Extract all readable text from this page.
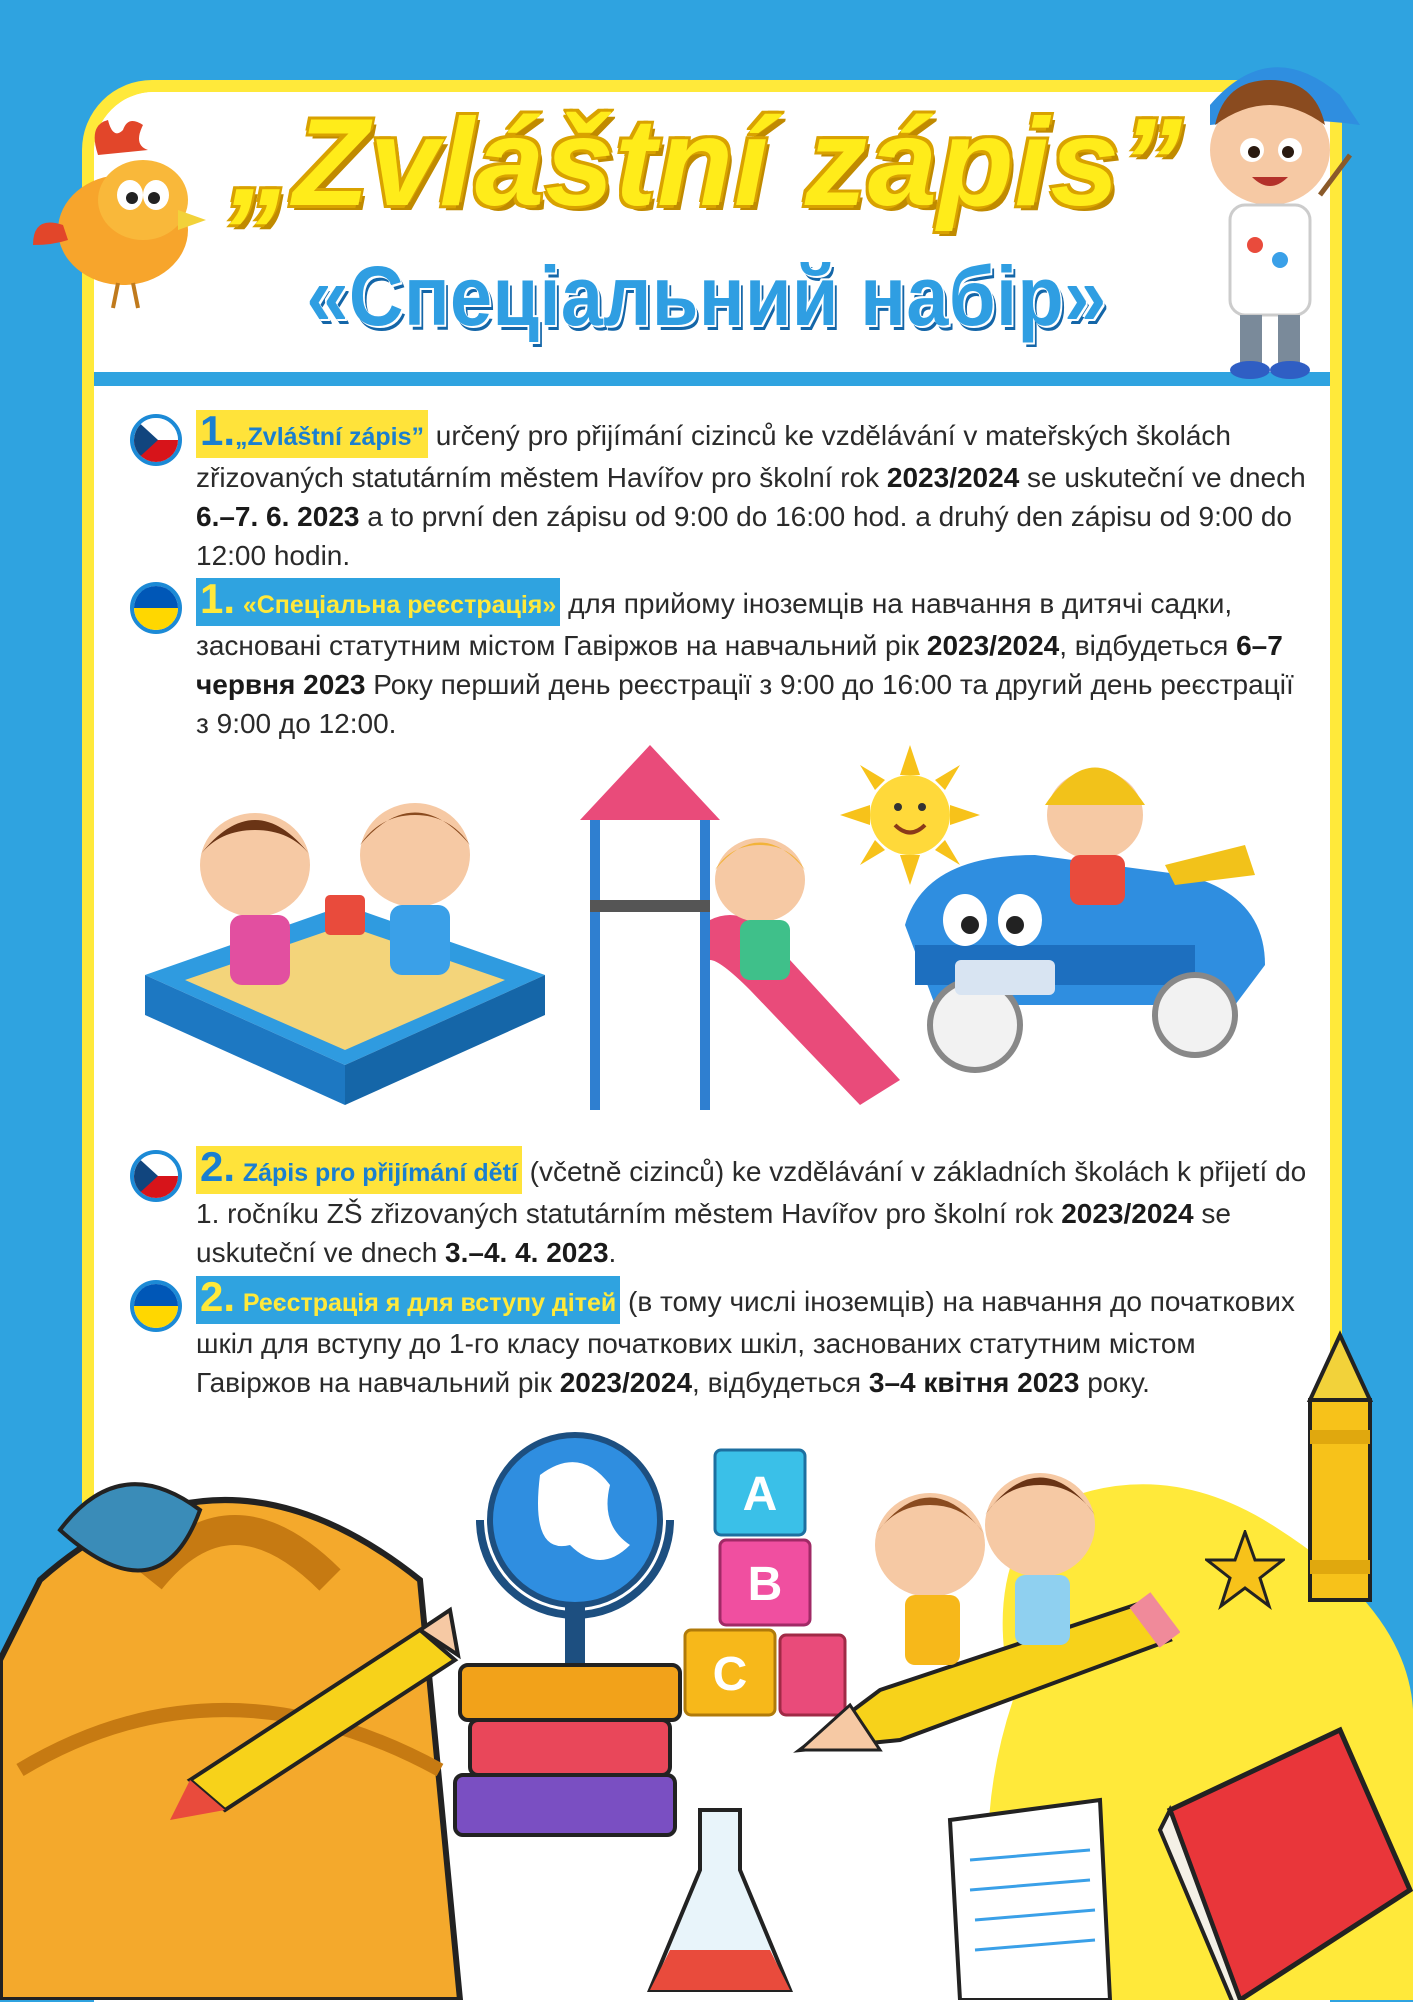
„Zvláštní zápis”
«Спеціальний набір»
1.„Zvláštní zápis” určený pro přijímání cizinců ke vzdělávání v mateřských školách zřizovaných statutárním městem Havířov pro školní rok 2023/2024 se uskuteční ve dnech 6.–7. 6. 2023 a to první den zápisu od 9:00 do 16:00 hod. a druhý den zápisu od 9:00 do 12:00 hodin.
1. «Спеціальна реєстрація» для прийому іноземців на навчання в дитячі садки, засновані статутним містом Гавіржов на навчальний рік 2023/2024, відбудеться 6–7 червня 2023 Року перший день реєстрації з 9:00 до 16:00 та другий день реєстрації з 9:00 до 12:00.
2. Zápis pro přijímání dětí (včetně cizinců) ke vzdělávání v základních školách k přijetí do 1. ročníku ZŠ zřizovaných statutárním městem Havířov pro školní rok 2023/2024 se uskuteční ve dnech 3.–4. 4. 2023.
2. Реєстрація я для вступу дітей (в тому числі іноземців) на навчання до початкових шкіл для вступу до 1-го класу початкових шкіл, заснованих статутним містом Гавіржов на навчальний рік 2023/2024, відбудеться 3–4 квітня 2023 року.
A
B
C
